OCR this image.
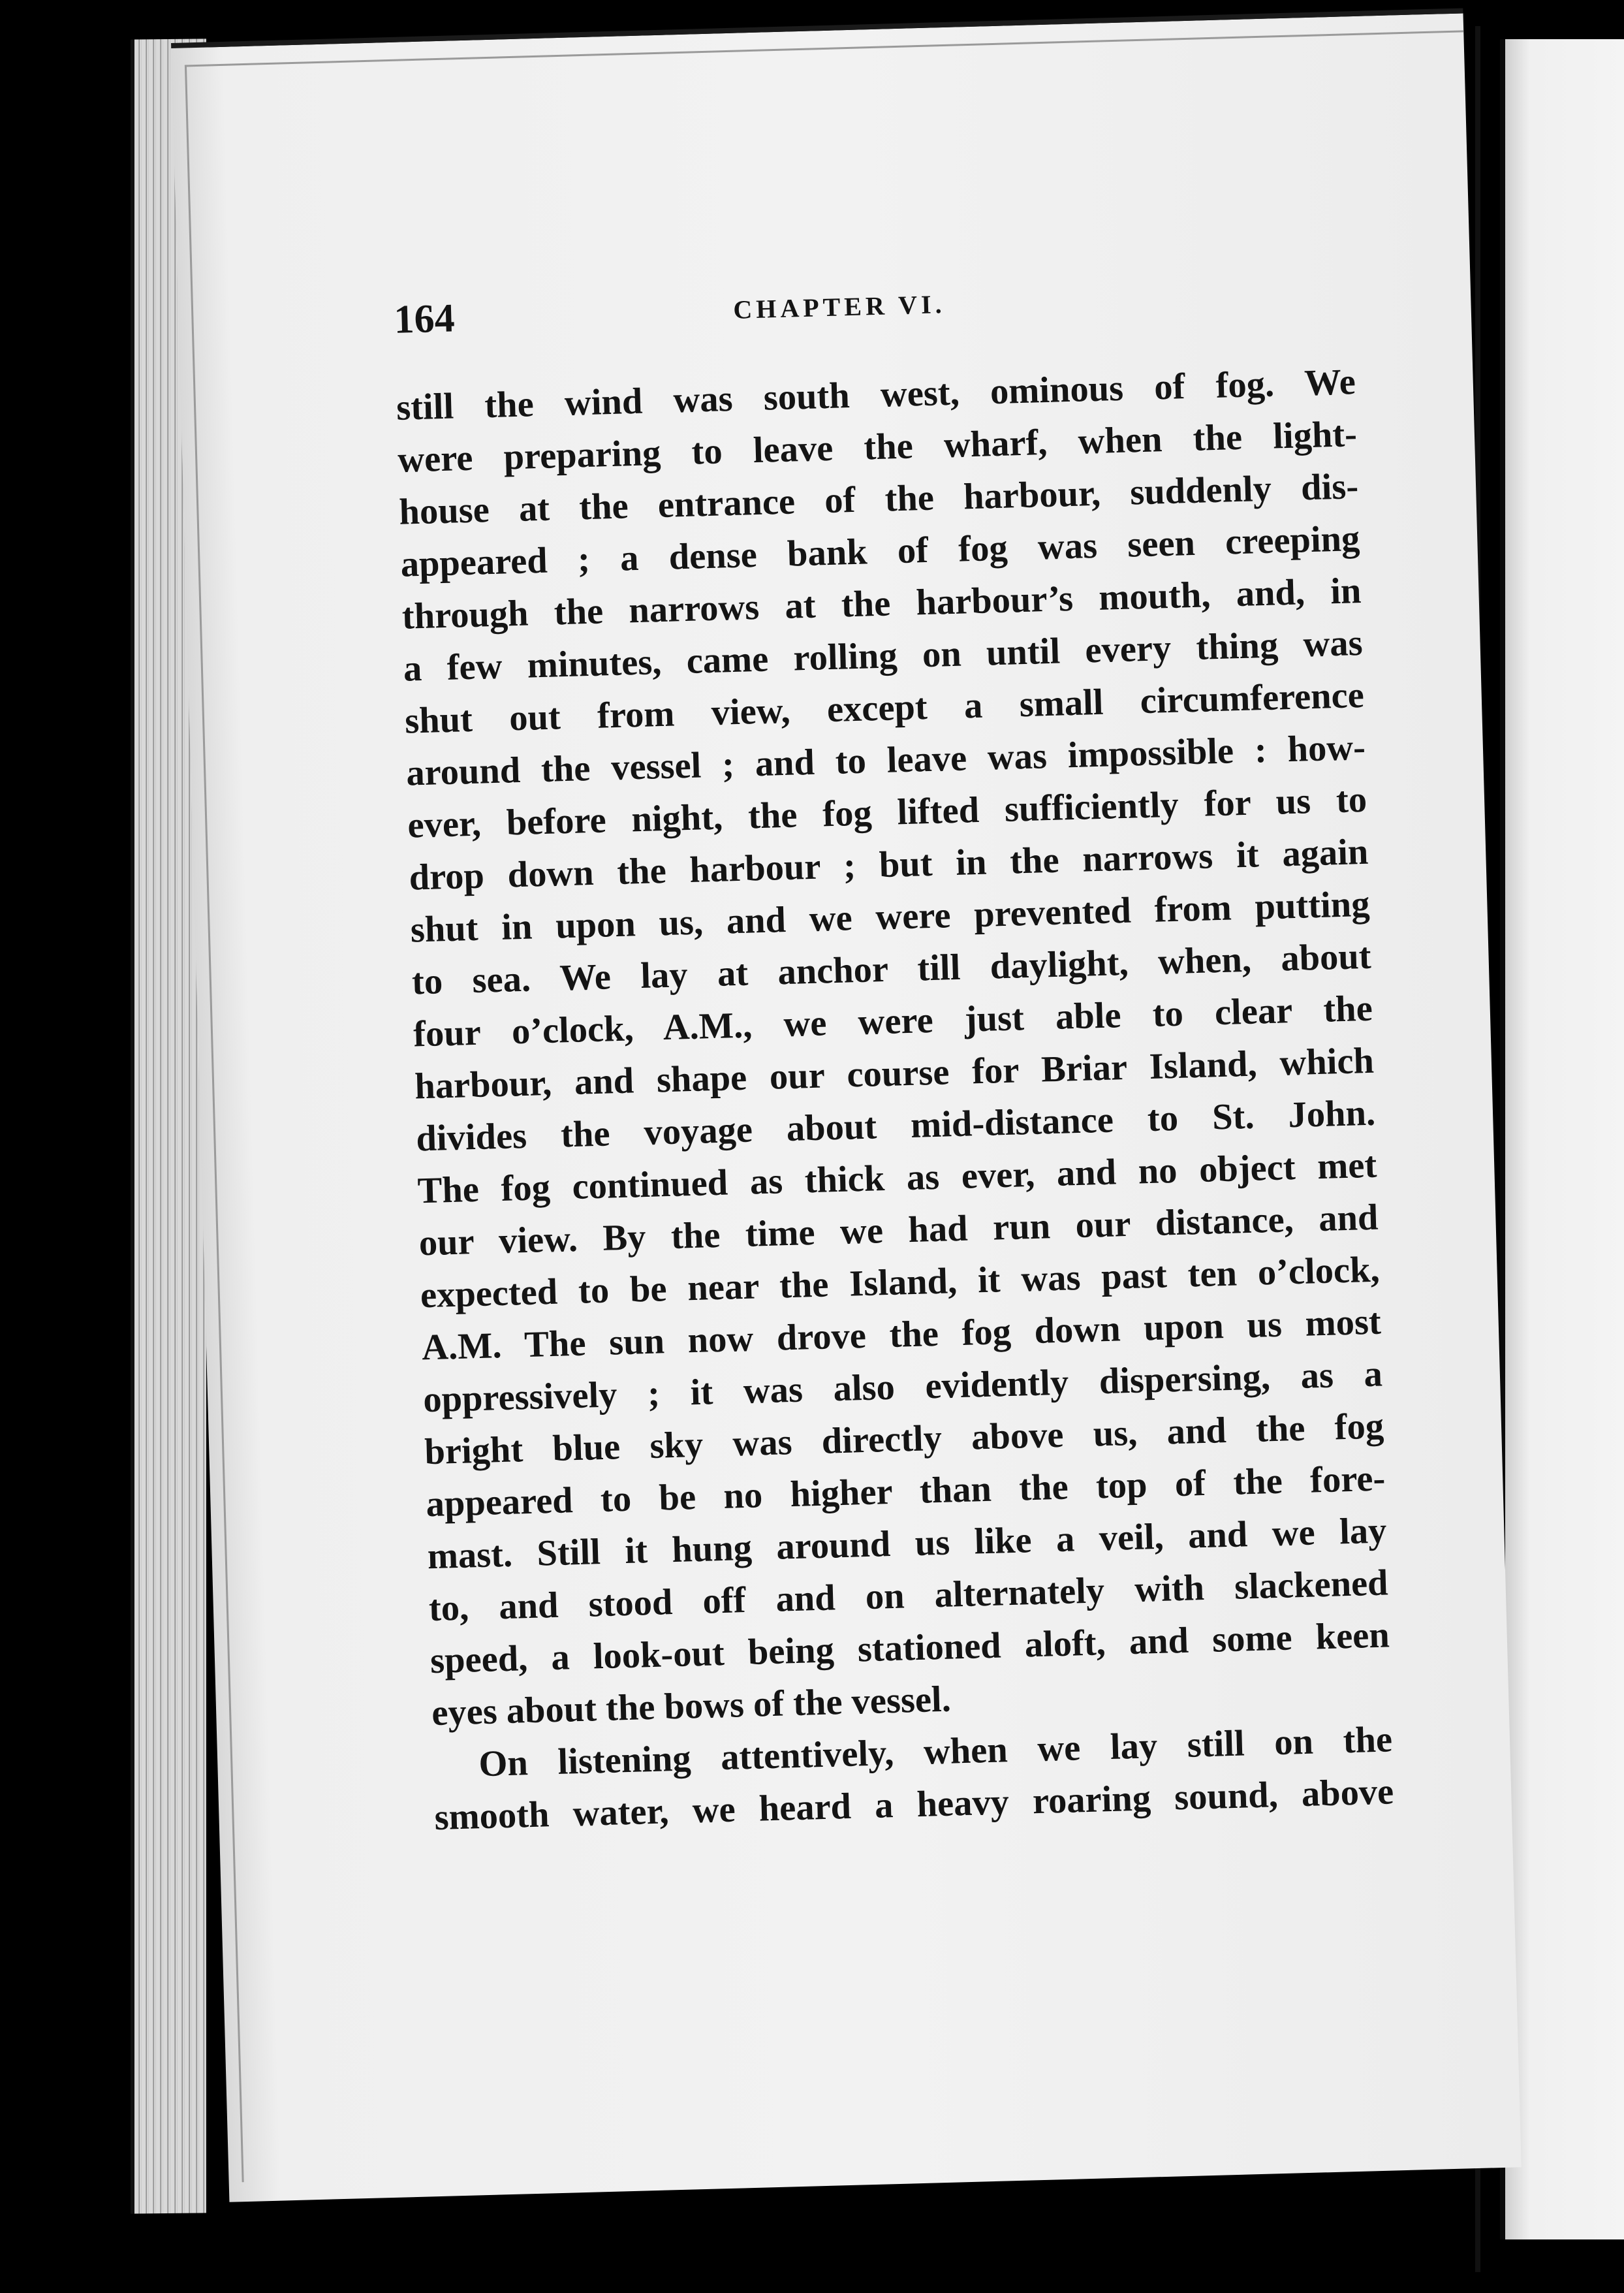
164	CHAPTER VI.
still the wind was south west, ominous of fog. We
were preparing to leave the wharf, when the light-
house at the entrance of the harbour, suddenly dis-
appeared ; a dense bank of fog was seen creeping
through the narrows at the harbour’s mouth, and, in
a few minutes, came rolling on until every thing was
shut out from view, except a small circumference
around the vessel ; and to leave was impossible : how-
ever, before night, the fog lifted sufficiently for us to
drop down the harbour ; but in the narrows it again
shut in upon us, and we were prevented from putting
to sea. We lay at anchor till daylight, when, about
four o’clock, A.M., we were just able to clear the
harbour, and shape our course for Briar Island, which
divides the voyage about mid-distance to St. John.
The fog continued as thick as ever, and no object met
our view. By the time we had run our distance, and
expected to be near the Island, it was past ten o’clock,
A.M. The sun now drove the fog down upon us most
oppressively ; it was also evidently dispersing, as a
bright blue sky was directly above us, and the fog
appeared to be no higher than the top of the fore-
mast. Still it hung around us like a veil, and we lay
to, and stood off and on alternately with slackened
speed, a look-out being stationed aloft, and some keen
eyes about the bows of the vessel.
On listening attentively, when we lay still on the
smooth water, we heard a heavy roaring sound, above
